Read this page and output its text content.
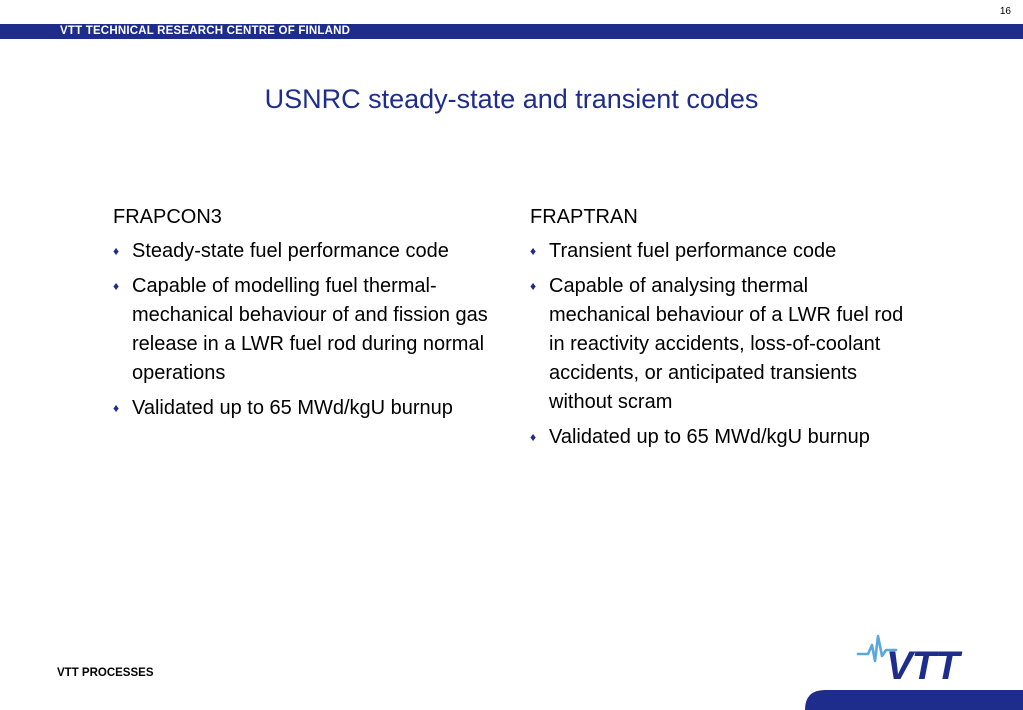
16
VTT TECHNICAL RESEARCH CENTRE OF FINLAND
USNRC steady-state and transient codes
FRAPCON3
♦ Steady-state fuel performance code
♦ Capable of modelling fuel thermal-mechanical behaviour of and fission gas release in a LWR fuel rod during normal operations
♦ Validated up to 65 MWd/kgU burnup
FRAPTRAN
♦ Transient fuel performance code
♦ Capable of analysing thermal mechanical behaviour of a LWR fuel rod in reactivity accidents, loss-of-coolant accidents, or anticipated transients without scram
♦ Validated up to 65 MWd/kgU burnup
VTT PROCESSES	VTT
